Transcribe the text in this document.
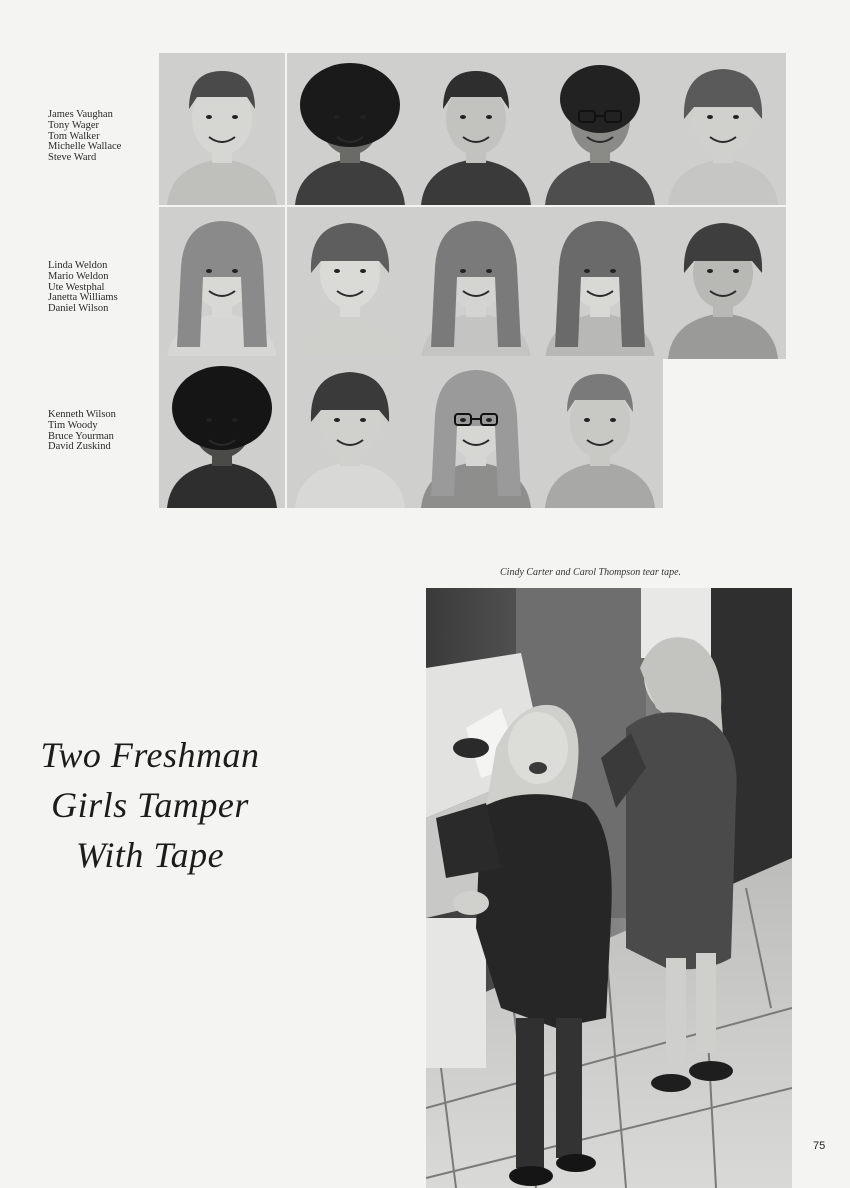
James Vaughan
Tony Wager
Tom Walker
Michelle Wallace
Steve Ward
Linda Weldon
Mario Weldon
Ute Westphal
Janetta Williams
Daniel Wilson
Kenneth Wilson
Tim Woody
Bruce Yourman
David Zuskind
Cindy Carter and Carol Thompson tear tape.
Two Freshman
Girls Tamper
With Tape
75
